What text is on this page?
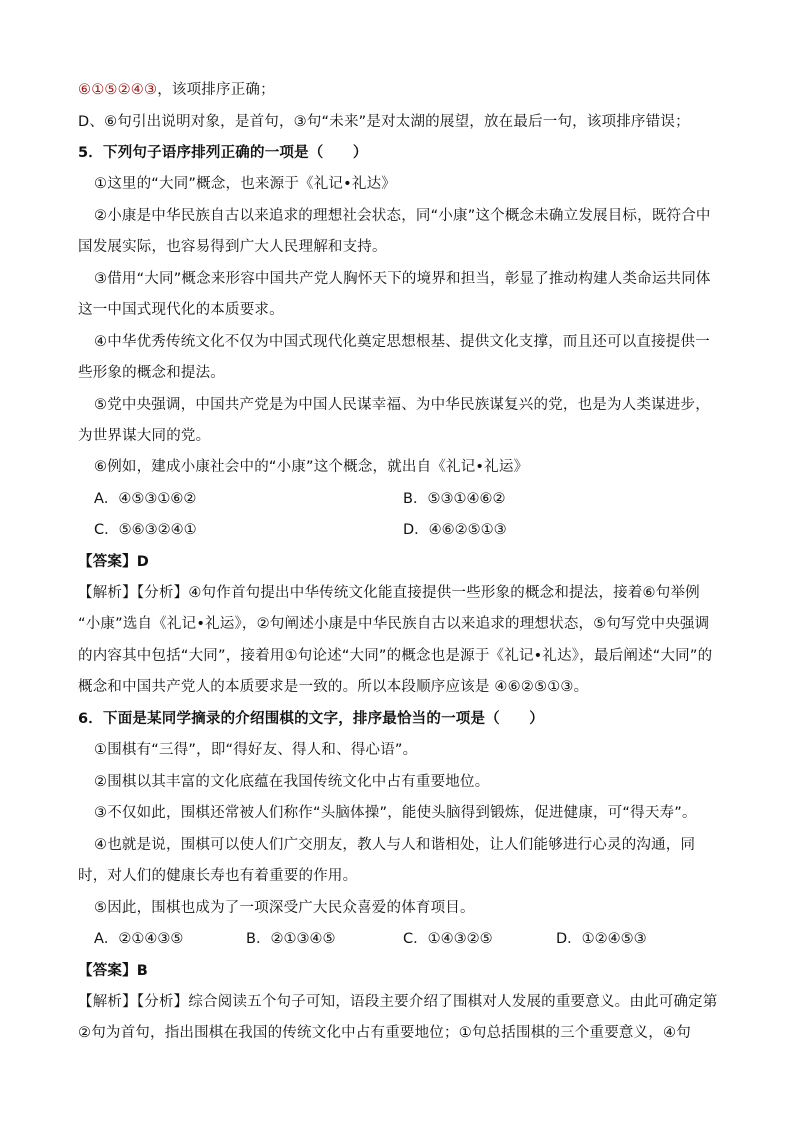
⑥①⑤②④③，该项排序正确；
D、⑥句引出说明对象，是首句，③句“未来”是对太湖的展望，放在最后一句，该项排序错误；
5．下列句子语序排列正确的一项是（　　）
①这里的“大同”概念，也来源于《礼记•礼达》
②小康是中华民族自古以来追求的理想社会状态，同“小康”这个概念未确立发展目标，既符合中
国发展实际，也容易得到广大人民理解和支持。
③借用“大同”概念来形容中国共产党人胸怀天下的境界和担当，彰显了推动构建人类命运共同体
这一中国式现代化的本质要求。
④中华优秀传统文化不仅为中国式现代化奠定思想根基、提供文化支撑，而且还可以直接提供一
些形象的概念和提法。
⑤党中央强调，中国共产党是为中国人民谋幸福、为中华民族谋复兴的党，也是为人类谋进步，
为世界谋大同的党。
⑥例如，建成小康社会中的“小康”这个概念，就出自《礼记•礼运》
A．④⑤③①⑥②	B．⑤③①④⑥②
C．⑤⑥③②④①	D．④⑥②⑤①③
【答案】D
【解析】【分析】④句作首句提出中华传统文化能直接提供一些形象的概念和提法，接着⑥句举例
“小康”选自《礼记•礼运》，②句阐述小康是中华民族自古以来追求的理想状态，⑤句写党中央强调
的内容其中包括“大同”，接着用①句论述“大同”的概念也是源于《礼记•礼达》，最后阐述“大同”的
概念和中国共产党人的本质要求是一致的。所以本段顺序应该是 ④⑥②⑤①③。
6．下面是某同学摘录的介绍围棋的文字，排序最恰当的一项是（　　）
①围棋有“三得”，即“得好友、得人和、得心语”。
②围棋以其丰富的文化底蕴在我国传统文化中占有重要地位。
③不仅如此，围棋还常被人们称作“头脑体操”，能使头脑得到锻炼，促进健康，可“得天寿”。
④也就是说，围棋可以使人们广交朋友，教人与人和谐相处，让人们能够进行心灵的沟通，同
时，对人们的健康长寿也有着重要的作用。
⑤因此，围棋也成为了一项深受广大民众喜爱的体育项目。
A．②①④③⑤	B．②①③④⑤	C．①④③②⑤	D．①②④⑤③
【答案】B
【解析】【分析】综合阅读五个句子可知，语段主要介绍了围棋对人发展的重要意义。由此可确定第
②句为首句，指出围棋在我国的传统文化中占有重要地位；①句总括围棋的三个重要意义，④句
